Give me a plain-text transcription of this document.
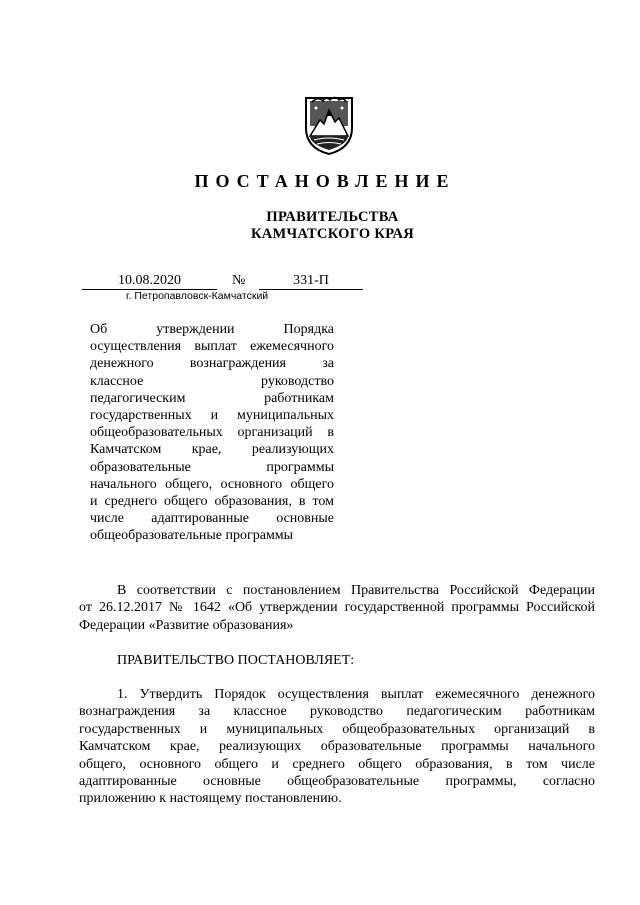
ПОСТАНОВЛЕНИЕ
ПРАВИТЕЛЬСТВА
КАМЧАТСКОГО КРАЯ
10.08.2020	№	331-П
г. Петропавловск-Камчатский
Об утверждении Порядка
осуществления выплат ежемесячного
денежного вознаграждения за
классное руководство
педагогическим работникам
государственных и муниципальных
общеобразовательных организаций в
Камчатском крае, реализующих
образовательные программы
начального общего, основного общего
и среднего общего образования, в том
числе адаптированные основные
общеобразовательные программы
В соответствии с постановлением Правительства Российской Федерации
от 26.12.2017 № 1642 «Об утверждении государственной программы Российской
Федерации «Развитие образования»
ПРАВИТЕЛЬСТВО ПОСТАНОВЛЯЕТ:
1. Утвердить Порядок осуществления выплат ежемесячного денежного
вознаграждения за классное руководство педагогическим работникам
государственных и муниципальных общеобразовательных организаций в
Камчатском крае, реализующих образовательные программы начального
общего, основного общего и среднего общего образования, в том числе
адаптированные основные общеобразовательные программы, согласно
приложению к настоящему постановлению.
